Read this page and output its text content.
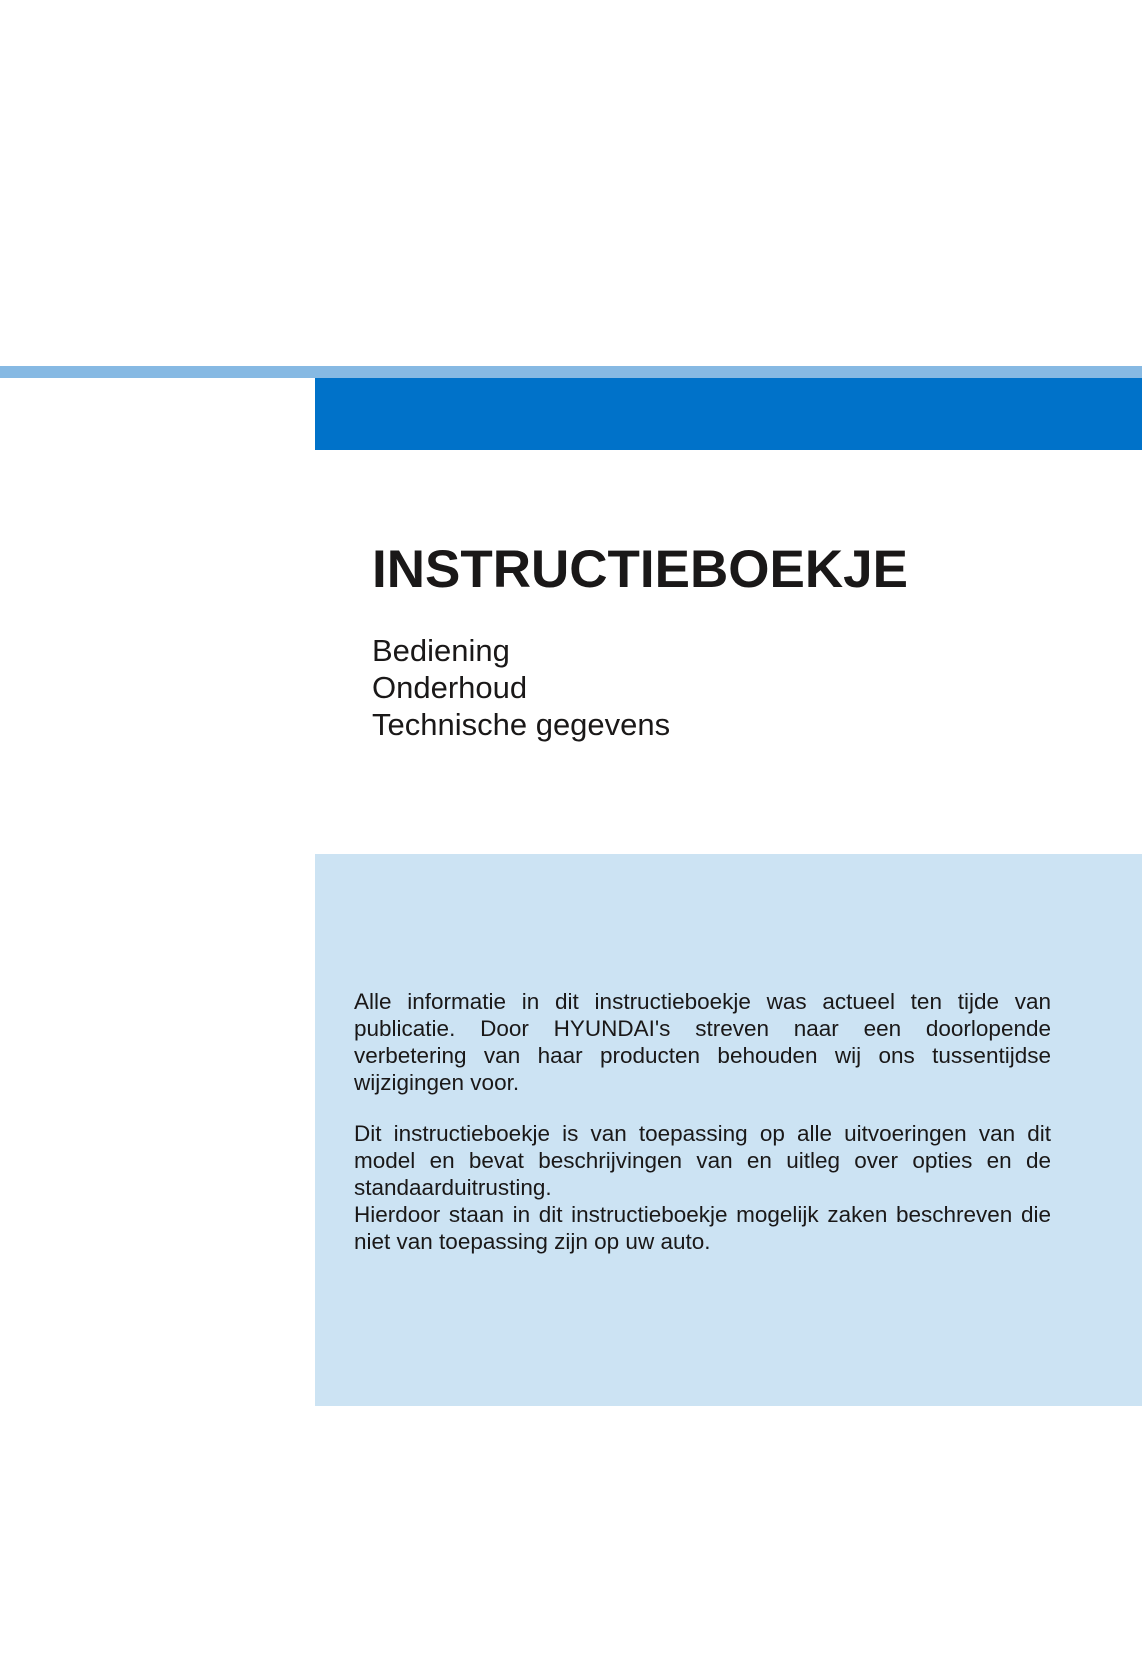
INSTRUCTIEBOEKJE
Bediening
Onderhoud
Technische gegevens

Alle informatie in dit instructieboekje was actueel ten tijde van publicatie. Door HYUNDAI's streven naar een doorlopende verbetering van haar producten behouden wij ons tussentijdse wijzigingen voor.

Dit instructieboekje is van toepassing op alle uitvoeringen van dit model en bevat beschrijvingen van en uitleg over opties en de standaarduitrusting.

Hierdoor staan in dit instructieboekje mogelijk zaken beschreven die niet van toepassing zijn op uw auto.
